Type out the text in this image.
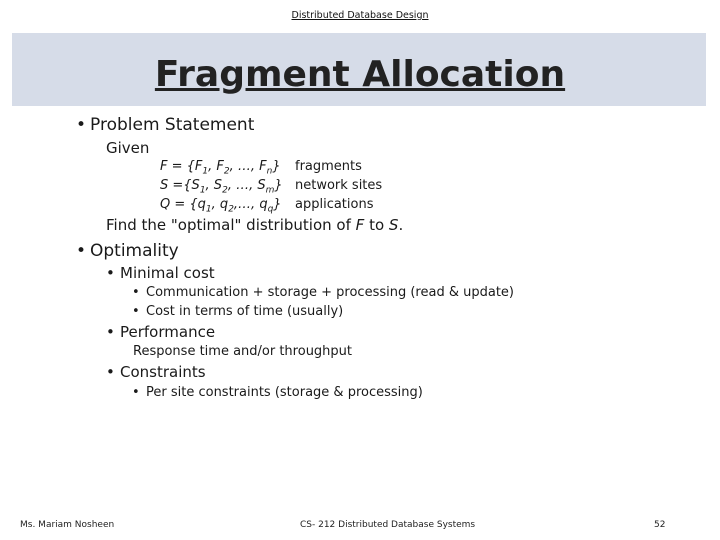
Distributed Database Design
Fragment Allocation
• Problem Statement
Given
$F = \{F_1$, $F_2$, …, $F_n$} fragments
$S =\{S_1$, $S_2$, …, $S_m$} network sites
$Q = \{q_1$, $q_2,\dots$, $q_q$} applications
Find the "optimal" distribution of F to S.
• Optimality
• Minimal cost
• Communication + storage + processing (read & update)
• Cost in terms of time (usually)
• Performance
Response time and/or throughput
• Constraints
• Per site constraints (storage & processing)
Ms. Mariam Nosheen	CS- 212 Distributed Database Systems	52
